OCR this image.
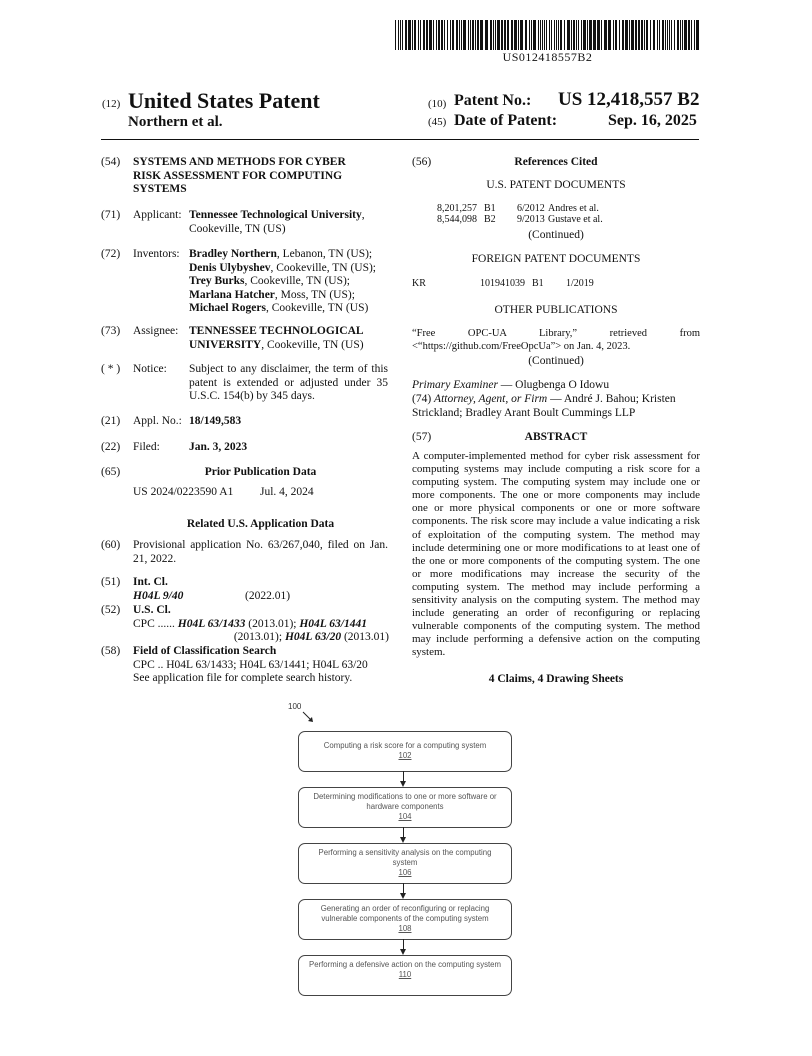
US012418557B2
(12) United States Patent
Northern et al.
(10) Patent No.: US 12,418,557 B2
(45) Date of Patent:	Sep. 16, 2025
(54) SYSTEMS AND METHODS FOR CYBER RISK ASSESSMENT FOR COMPUTING SYSTEMS
(71) Applicant: Tennessee Technological University, Cookeville, TN (US)
(72) Inventors: Bradley Northern, Lebanon, TN (US);
Denis Ulybyshev, Cookeville, TN (US);
Trey Burks, Cookeville, TN (US);
Marlana Hatcher, Moss, TN (US);
Michael Rogers, Cookeville, TN (US)
(73) Assignee: TENNESSEE TECHNOLOGICAL UNIVERSITY, Cookeville, TN (US)
( * ) Notice: Subject to any disclaimer, the term of this patent is extended or adjusted under 35 U.S.C. 154(b) by 345 days.
(21) Appl. No.: 18/149,583
(22) Filed:	Jan. 3, 2023
(65)	Prior Publication Data
US 2024/0223590 A1 Jul. 4, 2024
Related U.S. Application Data
(60) Provisional application No. 63/267,040, filed on Jan. 21, 2022.
(51) Int. Cl.
H04L 9/40	(2022.01)
(52) U.S. Cl.
CPC ...... H04L 63/1433 (2013.01); H04L 63/1441
(2013.01); H04L 63/20 (2013.01)
(58) Field of Classification Search
CPC .. H04L 63/1433; H04L 63/1441; H04L 63/20
See application file for complete search history.
(56)	References Cited
U.S. PATENT DOCUMENTS
8,201,257 B1 6/2012 Andres et al.
8,544,098 B2 9/2013 Gustave et al.
(Continued)
FOREIGN PATENT DOCUMENTS
KR	101941039 B1 1/2019
OTHER PUBLICATIONS
“Free OPC-UA Library,” retrieved from <“https://github.com/FreeOpcUa”> on Jan. 4, 2023.
(Continued)
Primary Examiner — Olugbenga O Idowu
(74) Attorney, Agent, or Firm — André J. Bahou; Kristen Strickland; Bradley Arant Boult Cummings LLP
(57)	ABSTRACT
A computer-implemented method for cyber risk assessment for computing systems may include computing a risk score for a computing system. The computing system may include one or more components. The one or more components may include one or more physical components or one or more software components. The risk score may include a value indicating a risk of exploitation of the computing system. The method may include determining one or more modifications to at least one of the one or more components of the computing system. The one or more modifications may increase the security of the computing system. The method may include performing a sensitivity analysis on the computing system. The method may include generating an order of reconfiguring or replacing vulnerable components of the computing system. The method may include performing a defensive action on the computing system.
4 Claims, 4 Drawing Sheets
100
Computing a risk score for a computing system
102
Determining modifications to one or more software or hardware components
104
Performing a sensitivity analysis on the computing system
106
Generating an order of reconfiguring or replacing vulnerable components of the computing system
108
Performing a defensive action on the computing system
110
